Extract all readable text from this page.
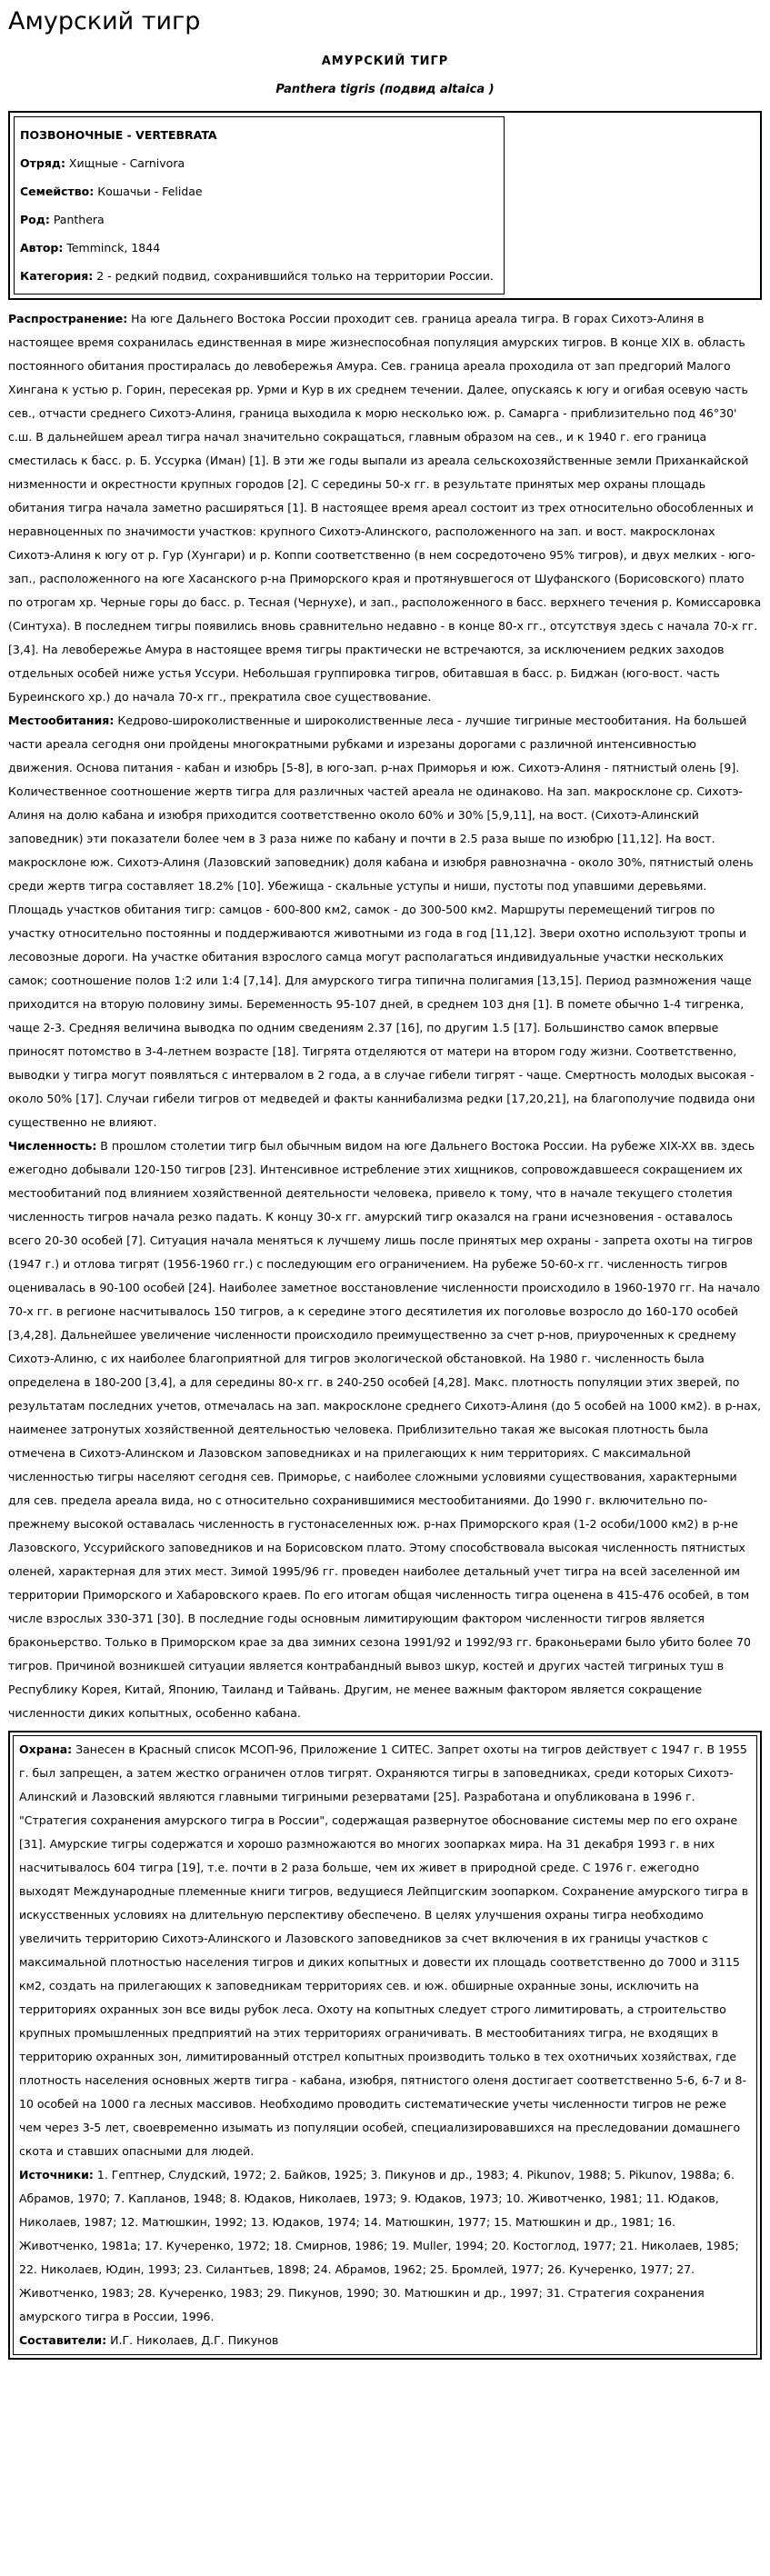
Амурский тигр
АМУРСКИЙ ТИГР
Panthera tigris (подвид altaica )
ПОЗВОНОЧНЫЕ - VERTEBRATA
Отряд: Хищные - Carnivora
Семейство: Кошачьи - Felidae
Род: Panthera
Автор: Temminck, 1844
Категория: 2 - редкий подвид, сохранившийся только на территории России.

Распространение: На юге Дальнего Востока России проходит сев. граница ареала тигра. В горах Сихотэ-Алиня в настоящее время сохранилась единственная в мире жизнеспособная популяция амурских тигров. В конце XIX в. область постоянного обитания простиралась до левобережья Амура. Сев. граница ареала проходила от зап предгорий Малого Хингана к устью р. Горин, пересекая рр. Урми и Кур в их среднем течении. Далее, опускаясь к югу и огибая осевую часть сев., отчасти среднего Сихотэ-Алиня, граница выходила к морю несколько юж. р. Самарга - приблизительно под 46°30' с.ш. В дальнейшем ареал тигра начал значительно сокращаться, главным образом на сев., и к 1940 г. его граница сместилась к басс. р. Б. Уссурка (Иман) [1]. В эти же годы выпали из ареала сельскохозяйственные земли Приханкайской низменности и окрестности крупных городов [2]. С середины 50-х гг. в результате принятых мер охраны площадь обитания тигра начала заметно расширяться [1]. В настоящее время ареал состоит из трех относительно обособленных и неравноценных по значимости участков: крупного Сихотэ-Алинского, расположенного на зап. и вост. макросклонах Сихотэ-Алиня к югу от р. Гур (Хунгари) и р. Коппи соответственно (в нем сосредоточено 95% тигров), и двух мелких - юго-зап., расположенного на юге Хасанского р-на Приморского края и протянувшегося от Шуфанского (Борисовского) плато по отрогам хр. Черные горы до басс. р. Тесная (Чернухе), и зап., расположенного в басс. верхнего течения р. Комиссаровка (Синтуха). В последнем тигры появились вновь сравнительно недавно - в конце 80-х гг., отсутствуя здесь с начала 70-х гг. [3,4]. На левобережье Амура в настоящее время тигры практически не встречаются, за исключением редких заходов отдельных особей ниже устья Уссури. Небольшая группировка тигров, обитавшая в басс. р. Биджан (юго-вост. часть Буреинского хр.) до начала 70-х гг., прекратила свое существование.

Местообитания: Кедрово-широколиственные и широколиственные леса - лучшие тигриные местообитания. На большей части ареала сегодня они пройдены многократными рубками и изрезаны дорогами с различной интенсивностью движения. Основа питания - кабан и изюбрь [5-8], в юго-зап. р-нах Приморья и юж. Сихотэ-Алиня - пятнистый олень [9]. Количественное соотношение жертв тигра для различных частей ареала не одинаково. На зап. макросклоне ср. Сихотэ-Алиня на долю кабана и изюбря приходится соответственно около 60% и 30% [5,9,11], на вост. (Сихотэ-Алинский заповедник) эти показатели более чем в 3 раза ниже по кабану и почти в 2.5 раза выше по изюбрю [11,12]. На вост. макросклоне юж. Сихотэ-Алиня (Лазовский заповедник) доля кабана и изюбря равнозначна - около 30%, пятнистый олень среди жертв тигра составляет 18.2% [10]. Убежища - скальные уступы и ниши, пустоты под упавшими деревьями. Площадь участков обитания тигр: самцов - 600-800 км2, самок - до 300-500 км2. Маршруты перемещений тигров по участку относительно постоянны и поддерживаются животными из года в год [11,12]. Звери охотно используют тропы и лесовозные дороги. На участке обитания взрослого самца могут располагаться индивидуальные участки нескольких самок; соотношение полов 1:2 или 1:4 [7,14]. Для амурского тигра типична полигамия [13,15]. Период размножения чаще приходится на вторую половину зимы. Беременность 95-107 дней, в среднем 103 дня [1]. В помете обычно 1-4 тигренка, чаще 2-3. Средняя величина выводка по одним сведениям 2.37 [16], по другим 1.5 [17]. Большинство самок впервые приносят потомство в 3-4-летнем возрасте [18]. Тигрята отделяются от матери на втором году жизни. Соответственно, выводки у тигра могут появляться с интервалом в 2 года, а в случае гибели тигрят - чаще. Смертность молодых высокая - около 50% [17]. Случаи гибели тигров от медведей и факты каннибализма редки [17,20,21], на благополучие подвида они существенно не влияют.

Численность: В прошлом столетии тигр был обычным видом на юге Дальнего Востока России. На рубеже XIX-XX вв. здесь ежегодно добывали 120-150 тигров [23]. Интенсивное истребление этих хищников, сопровождавшееся сокращением их местообитаний под влиянием хозяйственной деятельности человека, привело к тому, что в начале текущего столетия численность тигров начала резко падать. К концу 30-х гг. амурский тигр оказался на грани исчезновения - оставалось всего 20-30 особей [7]. Ситуация начала меняться к лучшему лишь после принятых мер охраны - запрета охоты на тигров (1947 г.) и отлова тигрят (1956-1960 гг.) с последующим его ограничением. На рубеже 50-60-х гг. численность тигров оценивалась в 90-100 особей [24]. Наиболее заметное восстановление численности происходило в 1960-1970 гг. На начало 70-х гг. в регионе насчитывалось 150 тигров, а к середине этого десятилетия их поголовье возросло до 160-170 особей [3,4,28]. Дальнейшее увеличение численности происходило преимущественно за счет р-нов, приуроченных к среднему Сихотэ-Алиню, с их наиболее благоприятной для тигров экологической обстановкой. На 1980 г. численность была определена в 180-200 [3,4], а для середины 80-х гг. в 240-250 особей [4,28]. Макс. плотность популяции этих зверей, по результатам последних учетов, отмечалась на зап. макросклоне среднего Сихотэ-Алиня (до 5 особей на 1000 км2). в р-нах, наименее затронутых хозяйственной деятельностью человека. Приблизительно такая же высокая плотность была отмечена в Сихотэ-Алинском и Лазовском заповедниках и на прилегающих к ним территориях. С максимальной численностью тигры населяют сегодня сев. Приморье, с наиболее сложными условиями существования, характерными для сев. предела ареала вида, но с относительно сохранившимися местообитаниями. До 1990 г. включительно по-прежнему высокой оставалась численность в густонаселенных юж. р-нах Приморского края (1-2 особи/1000 км2) в р-не Лазовского, Уссурийского заповедников и на Борисовском плато. Этому способствовала высокая численность пятнистых оленей, характерная для этих мест. Зимой 1995/96 гг. проведен наиболее детальный учет тигра на всей заселенной им территории Приморского и Хабаровского краев. По его итогам общая численность тигра оценена в 415-476 особей, в том числе взрослых 330-371 [30]. В последние годы основным лимитирующим фактором численности тигров является браконьерство. Только в Приморском крае за два зимних сезона 1991/92 и 1992/93 гг. браконьерами было убито более 70 тигров. Причиной возникшей ситуации является контрабандный вывоз шкур, костей и других частей тигриных туш в Республику Корея, Китай, Японию, Таиланд и Тайвань. Другим, не менее важным фактором является сокращение численности диких копытных, особенно кабана.

Охрана: Занесен в Красный список МСОП-96, Приложение 1 СИТЕС. Запрет охоты на тигров действует с 1947 г. В 1955 г. был запрещен, а затем жестко ограничен отлов тигрят. Охраняются тигры в заповедниках, среди которых Сихотэ-Алинский и Лазовский являются главными тигриными резерватами [25]. Разработана и опубликована в 1996 г. "Стратегия сохранения амурского тигра в России", содержащая развернутое обоснование системы мер по его охране [31]. Амурские тигры содержатся и хорошо размножаются во многих зоопарках мира. На 31 декабря 1993 г. в них насчитывалось 604 тигра [19], т.е. почти в 2 раза больше, чем их живет в природной среде. С 1976 г. ежегодно выходят Международные племенные книги тигров, ведущиеся Лейпцигским зоопарком. Сохранение амурского тигра в искусственных условиях на длительную перспективу обеспечено. В целях улучшения охраны тигра необходимо увеличить территорию Сихотэ-Алинского и Лазовского заповедников за счет включения в их границы участков с максимальной плотностью населения тигров и диких копытных и довести их площадь соответственно до 7000 и 3115 км2, создать на прилегающих к заповедникам территориях сев. и юж. обширные охранные зоны, исключить на территориях охранных зон все виды рубок леса. Охоту на копытных следует строго лимитировать, а строительство крупных промышленных предприятий на этих территориях ограничивать. В местообитаниях тигра, не входящих в территорию охранных зон, лимитированный отстрел копытных производить только в тех охотничьих хозяйствах, где плотность населения основных жертв тигра - кабана, изюбря, пятнистого оленя достигает соответственно 5-6, 6-7 и 8-10 особей на 1000 га лесных массивов. Необходимо проводить систематические учеты численности тигров не реже чем через 3-5 лет, своевременно изымать из популяции особей, специализировавшихся на преследовании домашнего скота и ставших опасными для людей.

Источники: 1. Гептнер, Слудский, 1972; 2. Байков, 1925; 3. Пикунов и др., 1983; 4. Pikunov, 1988; 5. Pikunov, 1988a; 6. Абрамов, 1970; 7. Капланов, 1948; 8. Юдаков, Николаев, 1973; 9. Юдаков, 1973; 10. Животченко, 1981; 11. Юдаков, Николаев, 1987; 12. Матюшкин, 1992; 13. Юдаков, 1974; 14. Матюшкин, 1977; 15. Матюшкин и др., 1981; 16. Животченко, 1981a; 17. Кучеренко, 1972; 18. Смирнов, 1986; 19. Muller, 1994; 20. Костоглод, 1977; 21. Николаев, 1985; 22. Николаев, Юдин, 1993; 23. Силантьев, 1898; 24. Абрамов, 1962; 25. Бромлей, 1977; 26. Кучеренко, 1977; 27. Животченко, 1983; 28. Кучеренко, 1983; 29. Пикунов, 1990; 30. Матюшкин и др., 1997; 31. Стратегия сохранения амурского тигра в России, 1996.

Составители: И.Г. Николаев, Д.Г. Пикунов
